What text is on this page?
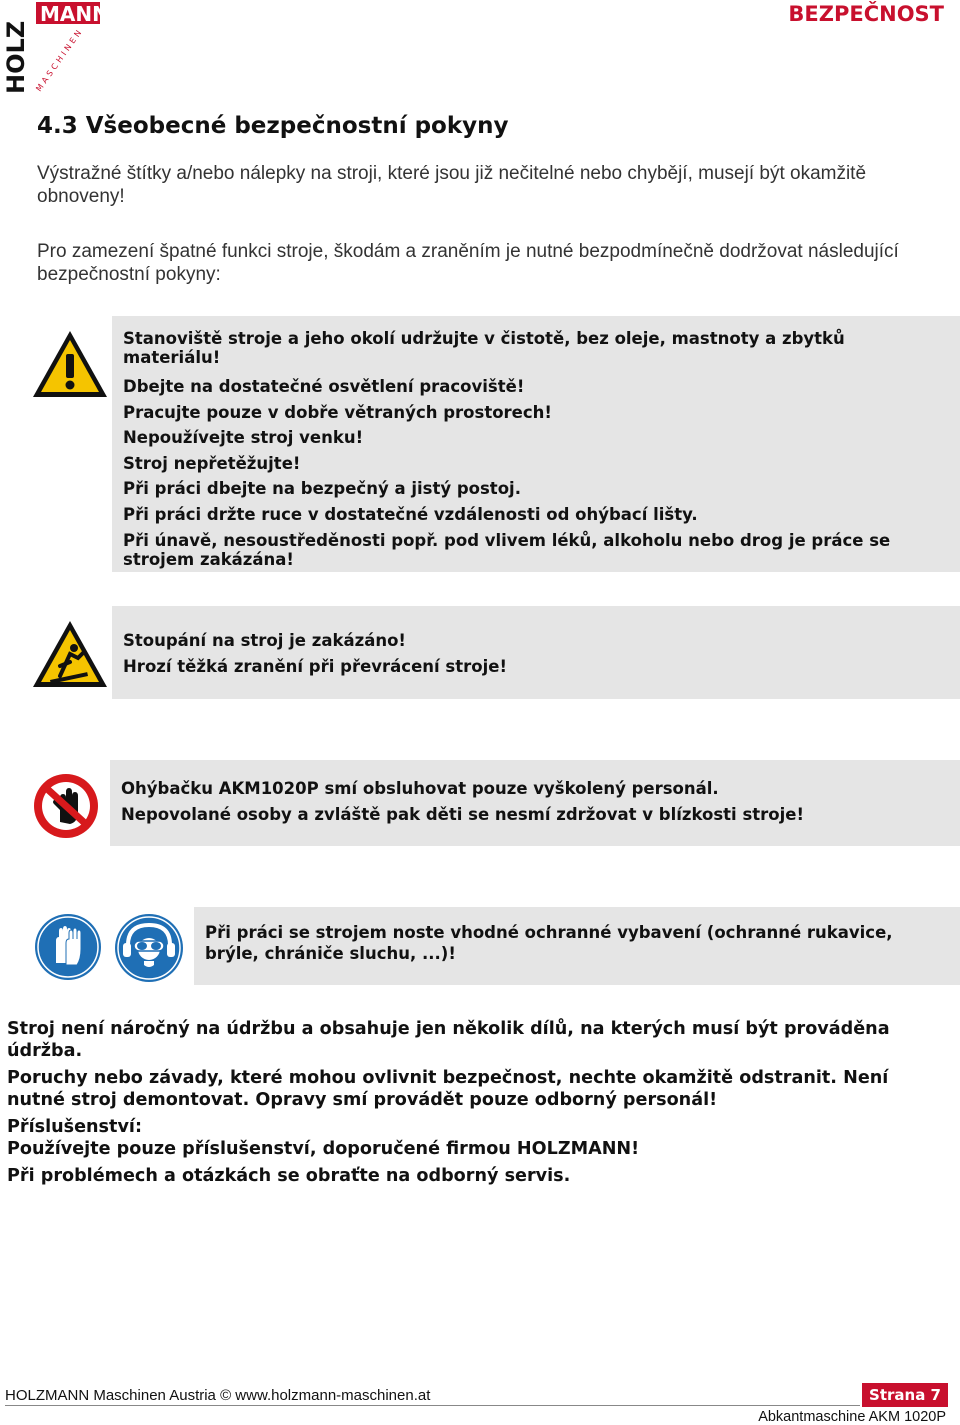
MANN
HOLZ MASCHINEN
BEZPEČNOST
4.3 Všeobecné bezpečnostní pokyny
Výstražné štítky a/nebo nálepky na stroji, které jsou již nečitelné nebo chybějí, musejí být okamžitě obnoveny!
Pro zamezení špatné funkci stroje, škodám a zraněním je nutné bezpodmínečně dodržovat následující bezpečnostní pokyny:
Stanoviště stroje a jeho okolí udržujte v čistotě, bez oleje, mastnoty a zbytků materiálu!
Dbejte na dostatečné osvětlení pracoviště!
Pracujte pouze v dobře větraných prostorech!
Nepoužívejte stroj venku!
Stroj nepřetěžujte!
Při práci dbejte na bezpečný a jistý postoj.
Při práci držte ruce v dostatečné vzdálenosti od ohýbací lišty.
Při únavě, nesoustředěnosti popř. pod vlivem léků, alkoholu nebo drog je práce se strojem zakázána!
Stoupání na stroj je zakázáno!
Hrozí těžká zranění při převrácení stroje!
Ohýbačku AKM1020P smí obsluhovat pouze vyškolený personál.
Nepovolané osoby a zvláště pak děti se nesmí zdržovat v blízkosti stroje!
Při práci se strojem noste vhodné ochranné vybavení (ochranné rukavice, brýle, chrániče sluchu, ...)!
Stroj není náročný na údržbu a obsahuje jen několik dílů, na kterých musí být prováděna údržba.
Poruchy nebo závady, které mohou ovlivnit bezpečnost, nechte okamžitě odstranit. Není nutné stroj demontovat. Opravy smí provádět pouze odborný personál!
Příslušenství:
Používejte pouze příslušenství, doporučené firmou HOLZMANN!
Při problémech a otázkách se obraťte na odborný servis.
HOLZMANN Maschinen Austria © www.holzmann-maschinen.at	Strana 7
Abkantmaschine AKM 1020P
